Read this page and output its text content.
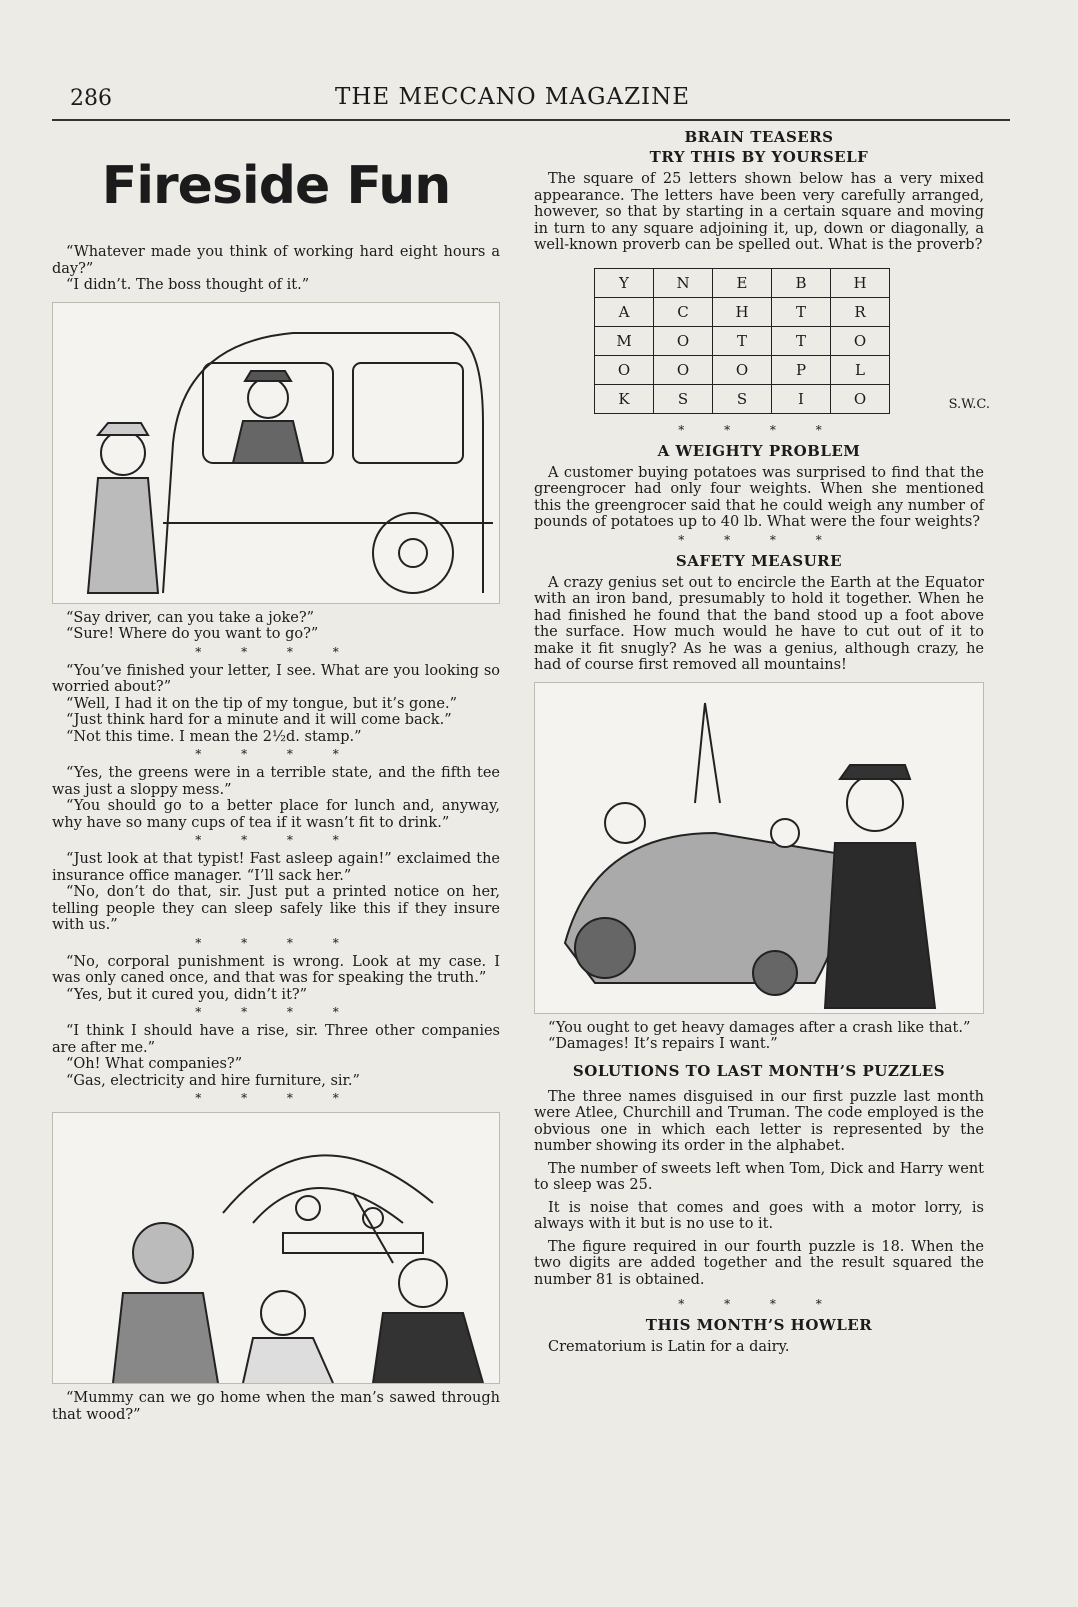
286	THE MECCANO MAGAZINE
Fireside Fun

“Whatever made you think of working hard eight hours a day?”

“I didn’t. The boss thought of it.”

“Say driver, can you take a joke?”

“Sure! Where do you want to go?”

* * * *

“You’ve finished your letter, I see. What are you looking so worried about?”

“Well, I had it on the tip of my tongue, but it’s gone.”

“Just think hard for a minute and it will come back.”

“Not this time. I mean the 2½d. stamp.”

* * * *

“Yes, the greens were in a terrible state, and the fifth tee was just a sloppy mess.”

“You should go to a better place for lunch and, anyway, why have so many cups of tea if it wasn’t fit to drink.”

* * * *

“Just look at that typist! Fast asleep again!” exclaimed the insurance office manager. “I’ll sack her.”

“No, don’t do that, sir. Just put a printed notice on her, telling people they can sleep safely like this if they insure with us.”

* * * *

“No, corporal punishment is wrong. Look at my case. I was only caned once, and that was for speaking the truth.”

“Yes, but it cured you, didn’t it?”

* * * *

“I think I should have a rise, sir. Three other companies are after me.”

“Oh! What companies?”

“Gas, electricity and hire furniture, sir.”

* * * *

“Mummy can we go home when the man’s sawed through that wood?”

BRAIN TEASERS
TRY THIS BY YOURSELF

The square of 25 letters shown below has a very mixed appearance. The letters have been very carefully arranged, however, so that by starting in a certain square and moving in turn to any square adjoining it, up, down or diagonally, a well-known proverb can be spelled out. What is the proverb?

Y	N	E	B	H
A	C	H	T	R
M	O	T	T	O
O	O	O	P	L
K	S	S	I	O	S.W.C.
* * * *
A WEIGHTY PROBLEM

A customer buying potatoes was surprised to find that the greengrocer had only four weights. When she mentioned this the greengrocer said that he could weigh any number of pounds of potatoes up to 40 lb. What were the four weights?

* * * *
SAFETY MEASURE

A crazy genius set out to encircle the Earth at the Equator with an iron band, presumably to hold it together. When he had finished he found that the band stood up a foot above the surface. How much would he have to cut out of it to make it fit snugly? As he was a genius, although crazy, he had of course first removed all mountains!

“You ought to get heavy damages after a crash like that.”

“Damages! It’s repairs I want.”

SOLUTIONS TO LAST MONTH’S PUZZLES

The three names disguised in our first puzzle last month were Atlee, Churchill and Truman. The code employed is the obvious one in which each letter is represented by the number showing its order in the alphabet.

The number of sweets left when Tom, Dick and Harry went to sleep was 25.

It is noise that comes and goes with a motor lorry, is always with it but is no use to it.

The figure required in our fourth puzzle is 18. When the two digits are added together and the result squared the number 81 is obtained.

* * * *
THIS MONTH’S HOWLER

Crematorium is Latin for a dairy.
